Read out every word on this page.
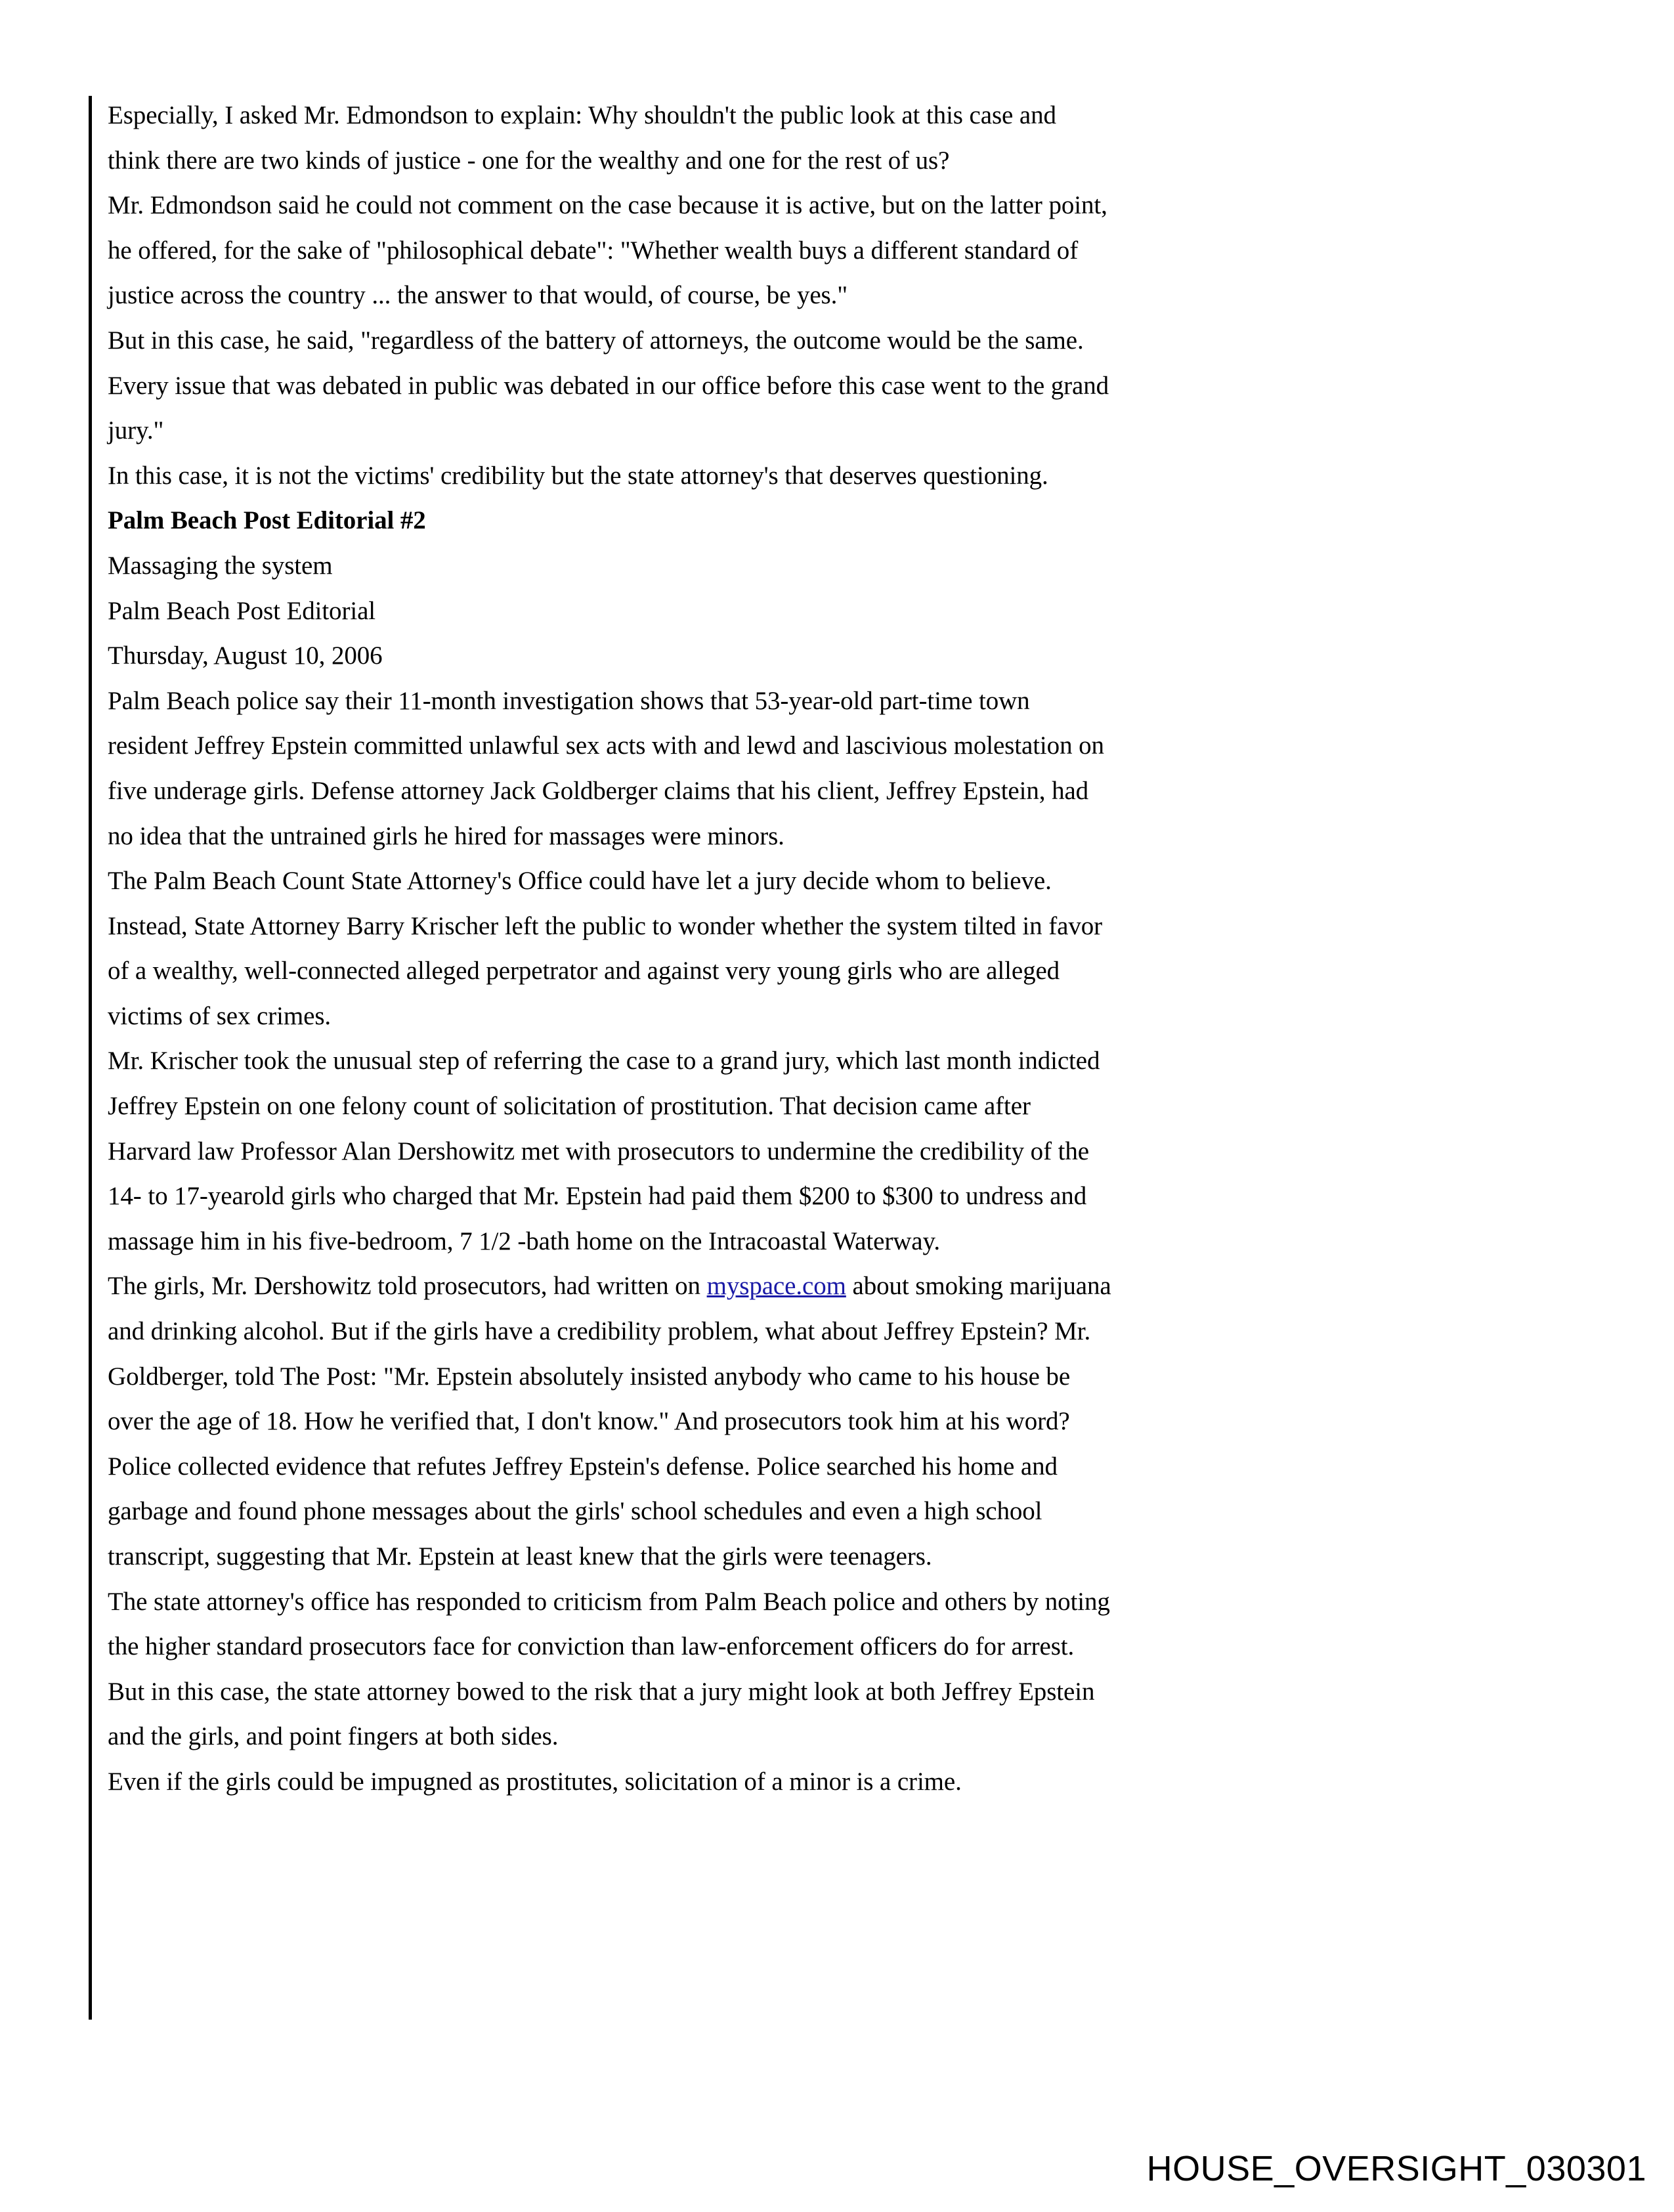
Especially, I asked Mr. Edmondson to explain: Why shouldn't the public look at this case and think there are two kinds of justice - one for the wealthy and one for the rest of us?

Mr. Edmondson said he could not comment on the case because it is active, but on the latter point, he offered, for the sake of "philosophical debate": "Whether wealth buys a different standard of justice across the country ... the answer to that would, of course, be yes."

But in this case, he said, "regardless of the battery of attorneys, the outcome would be the same. Every issue that was debated in public was debated in our office before this case went to the grand jury."

In this case, it is not the victims' credibility but the state attorney's that deserves questioning.

Palm Beach Post Editorial #2

Massaging the system

Palm Beach Post Editorial

Thursday, August 10, 2006

Palm Beach police say their 11-month investigation shows that 53-year-old part-time town resident Jeffrey Epstein committed unlawful sex acts with and lewd and lascivious molestation on five underage girls. Defense attorney Jack Goldberger claims that his client, Jeffrey Epstein, had no idea that the untrained girls he hired for massages were minors.

The Palm Beach Count State Attorney's Office could have let a jury decide whom to believe. Instead, State Attorney Barry Krischer left the public to wonder whether the system tilted in favor of a wealthy, well-connected alleged perpetrator and against very young girls who are alleged victims of sex crimes.

Mr. Krischer took the unusual step of referring the case to a grand jury, which last month indicted Jeffrey Epstein on one felony count of solicitation of prostitution. That decision came after Harvard law Professor Alan Dershowitz met with prosecutors to undermine the credibility of the 14- to 17-yearold girls who charged that Mr. Epstein had paid them $200 to $300 to undress and massage him in his five-bedroom, 7 1/2 -bath home on the Intracoastal Waterway.

The girls, Mr. Dershowitz told prosecutors, had written on myspace.com about smoking marijuana and drinking alcohol. But if the girls have a credibility problem, what about Jeffrey Epstein? Mr. Goldberger, told The Post: "Mr. Epstein absolutely insisted anybody who came to his house be over the age of 18. How he verified that, I don't know." And prosecutors took him at his word?

Police collected evidence that refutes Jeffrey Epstein's defense. Police searched his home and garbage and found phone messages about the girls' school schedules and even a high school transcript, suggesting that Mr. Epstein at least knew that the girls were teenagers.

The state attorney's office has responded to criticism from Palm Beach police and others by noting the higher standard prosecutors face for conviction than law-enforcement officers do for arrest. But in this case, the state attorney bowed to the risk that a jury might look at both Jeffrey Epstein and the girls, and point fingers at both sides.

Even if the girls could be impugned as prostitutes, solicitation of a minor is a crime.

HOUSE_OVERSIGHT_030301
